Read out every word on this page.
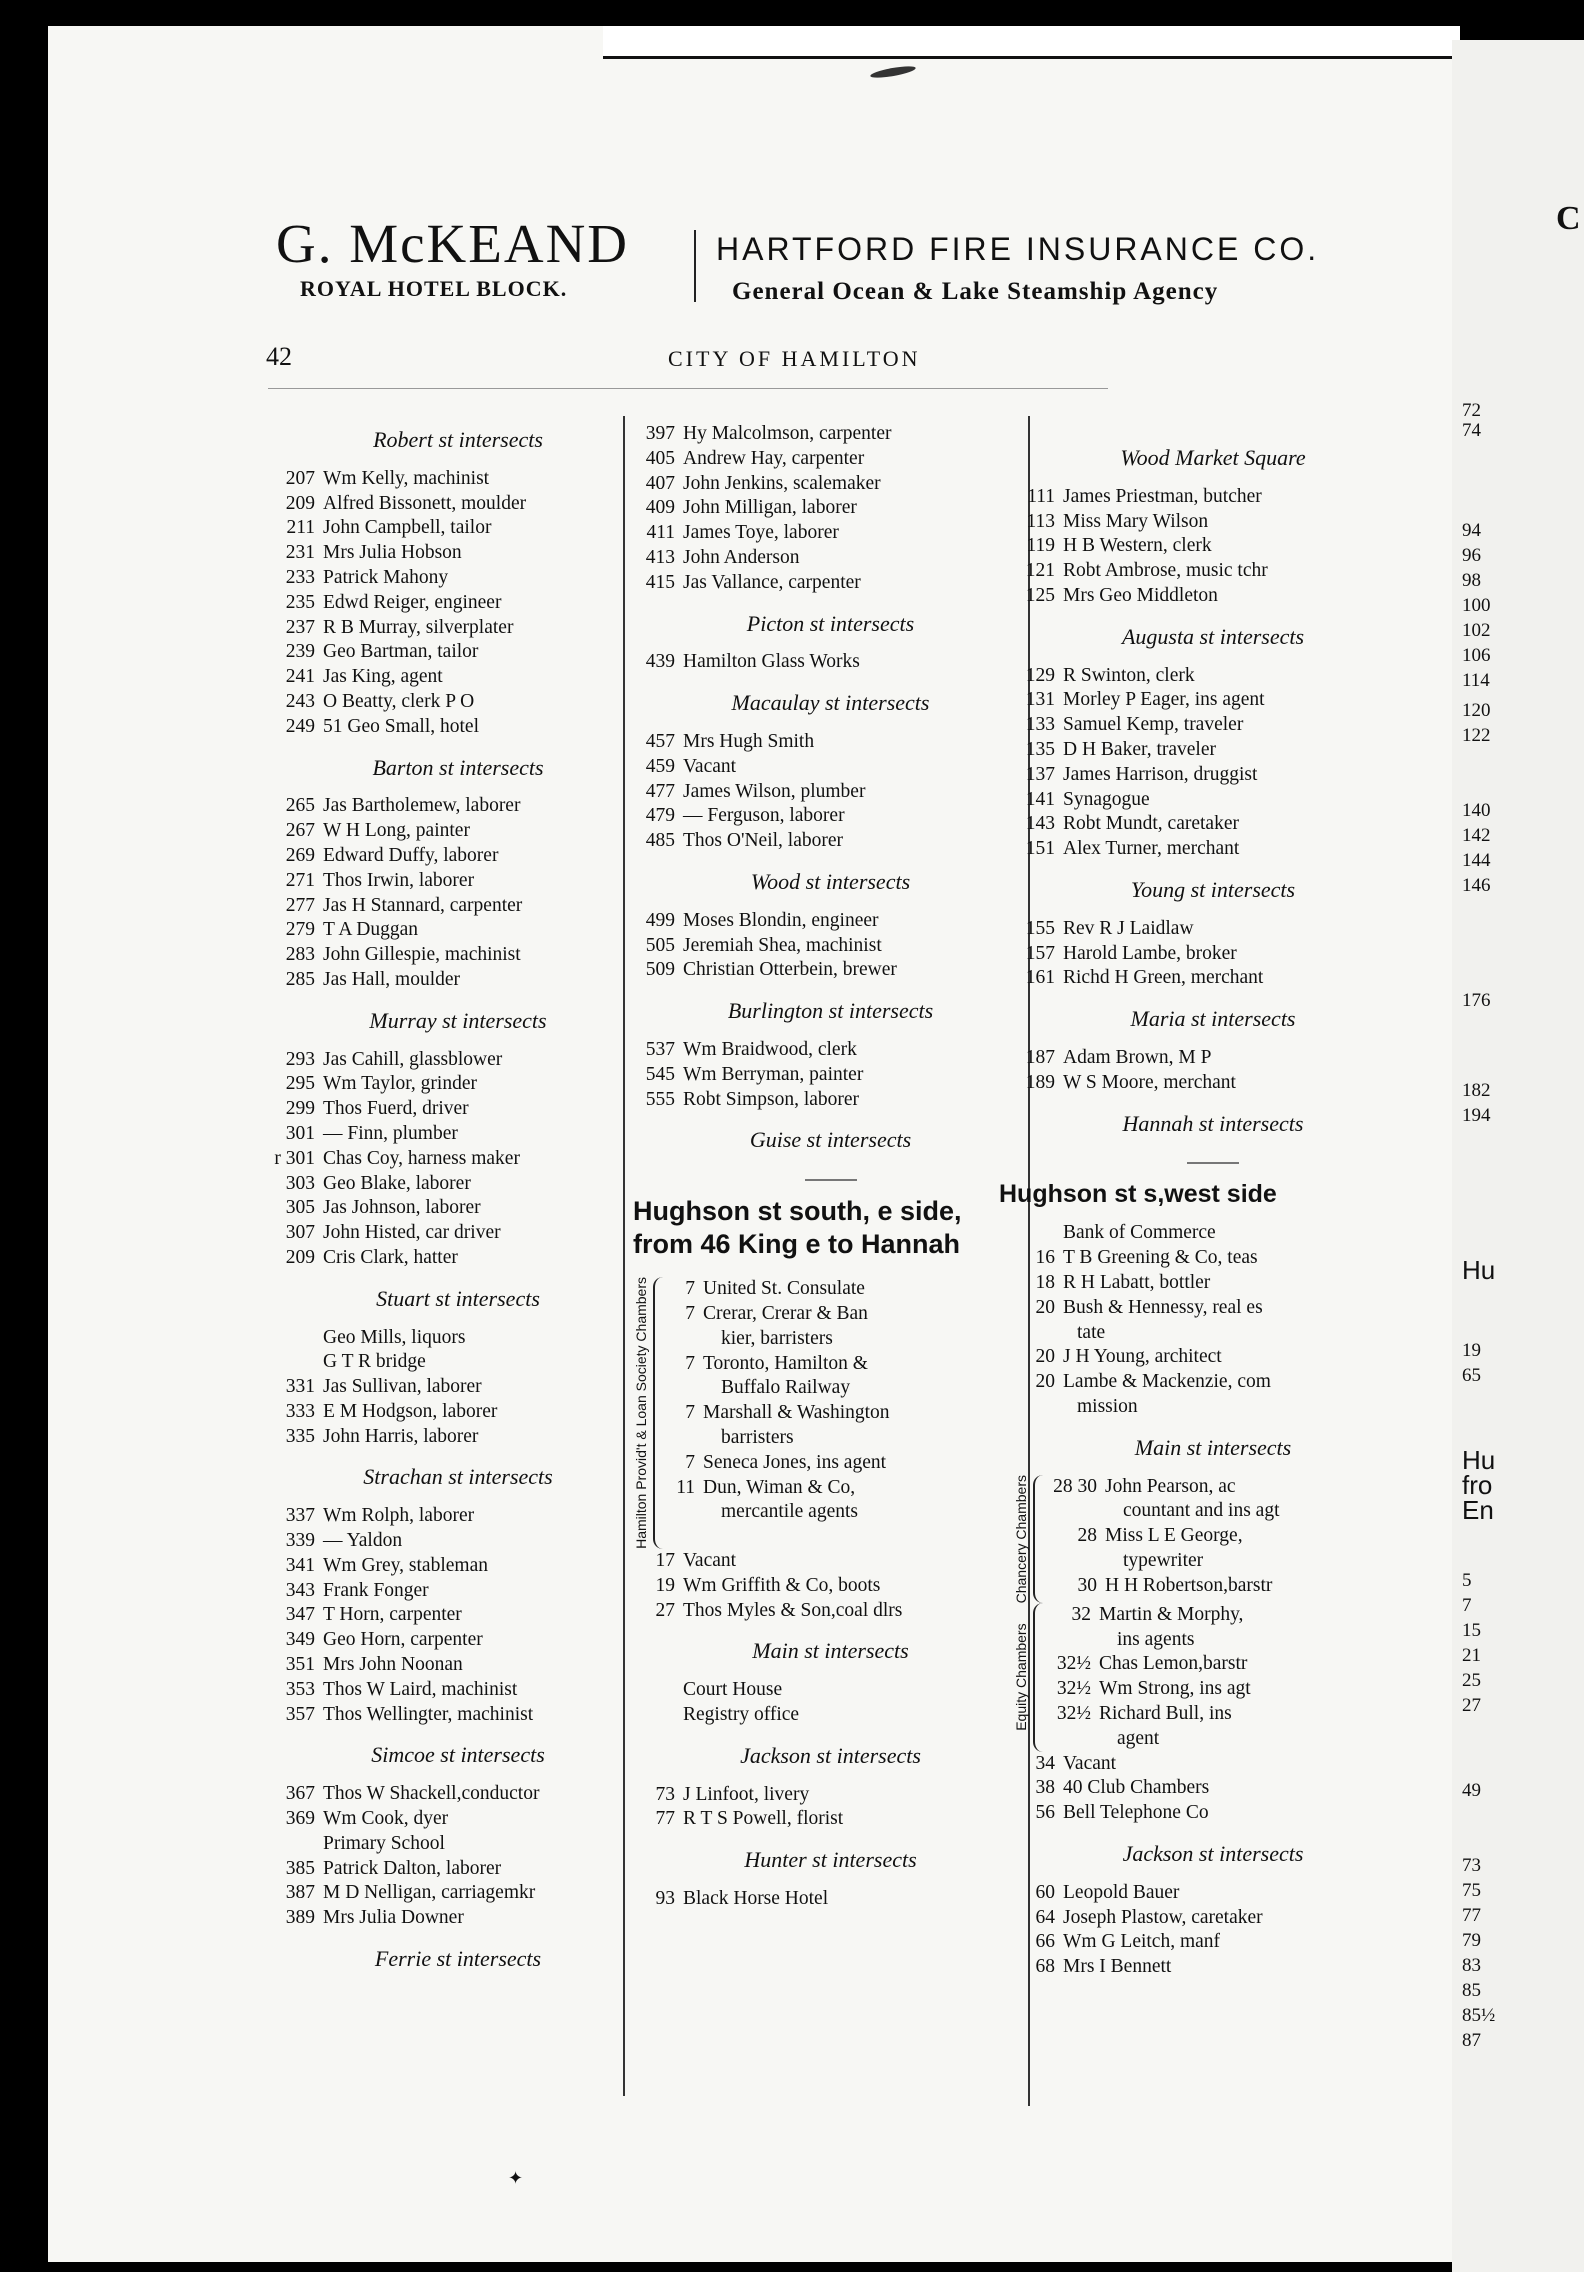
G. McKEAND
ROYAL HOTEL BLOCK.
HARTFORD FIRE INSURANCE CO.
General Ocean & Lake Steamship Agency
42	CITY OF HAMILTON
Robert st intersects
207 Wm Kelly, machinist
209 Alfred Bissonett, moulder
211 John Campbell, tailor
231 Mrs Julia Hobson
233 Patrick Mahony
235 Edwd Reiger, engineer
237 R B Murray, silverplater
239 Geo Bartman, tailor
241 Jas King, agent
243 O Beatty, clerk P O
249 51 Geo Small, hotel
Barton st intersects
265 Jas Bartholemew, laborer
267 W H Long, painter
269 Edward Duffy, laborer
271 Thos Irwin, laborer
277 Jas H Stannard, carpenter
279 T A Duggan
283 John Gillespie, machinist
285 Jas Hall, moulder
Murray st intersects
293 Jas Cahill, glassblower
295 Wm Taylor, grinder
299 Thos Fuerd, driver
301 — Finn, plumber
r 301 Chas Coy, harness maker
303 Geo Blake, laborer
305 Jas Johnson, laborer
307 John Histed, car driver
209 Cris Clark, hatter
Stuart st intersects
Geo Mills, liquors
G T R bridge
331 Jas Sullivan, laborer
333 E M Hodgson, laborer
335 John Harris, laborer
Strachan st intersects
337 Wm Rolph, laborer
339 — Yaldon
341 Wm Grey, stableman
343 Frank Fonger
347 T Horn, carpenter
349 Geo Horn, carpenter
351 Mrs John Noonan
353 Thos W Laird, machinist
357 Thos Wellingter, machinist
Simcoe st intersects
367 Thos W Shackell,conductor
369 Wm Cook, dyer
Primary School
385 Patrick Dalton, laborer
387 M D Nelligan, carriagemkr
389 Mrs Julia Downer
Ferrie st intersects
397 Hy Malcolmson, carpenter
405 Andrew Hay, carpenter
407 John Jenkins, scalemaker
409 John Milligan, laborer
411 James Toye, laborer
413 John Anderson
415 Jas Vallance, carpenter
Picton st intersects
439 Hamilton Glass Works
Macaulay st intersects
457 Mrs Hugh Smith
459 Vacant
477 James Wilson, plumber
479 — Ferguson, laborer
485 Thos O'Neil, laborer
Wood st intersects
499 Moses Blondin, engineer
505 Jeremiah Shea, machinist
509 Christian Otterbein, brewer
Burlington st intersects
537 Wm Braidwood, clerk
545 Wm Berryman, painter
555 Robt Simpson, laborer
Guise st intersects
Hughson st south, e side, from 46 King e to Hannah
Hamilton Provid't & Loan Society Chambers	7 United St. Consulate
7 Crerar, Crerar & Ban
kier, barristers
7 Toronto, Hamilton &
Buffalo Railway
7 Marshall & Washington
barristers
7 Seneca Jones, ins agent
11 Dun, Wiman & Co,
mercantile agents
17 Vacant
19 Wm Griffith & Co, boots
27 Thos Myles & Son,coal dlrs
Main st intersects
Court House
Registry office
Jackson st intersects
73 J Linfoot, livery
77 R T S Powell, florist
Hunter st intersects
93 Black Horse Hotel
Wood Market Square
111 James Priestman, butcher
113 Miss Mary Wilson
119 H B Western, clerk
121 Robt Ambrose, music tchr
125 Mrs Geo Middleton
Augusta st intersects
129 R Swinton, clerk
131 Morley P Eager, ins agent
133 Samuel Kemp, traveler
135 D H Baker, traveler
137 James Harrison, druggist
141 Synagogue
143 Robt Mundt, caretaker
151 Alex Turner, merchant
Young st intersects
155 Rev R J Laidlaw
157 Harold Lambe, broker
161 Richd H Green, merchant
Maria st intersects
187 Adam Brown, M P
189 W S Moore, merchant
Hannah st intersects
Hughson st s,west side
Bank of Commerce
16 T B Greening & Co, teas
18 R H Labatt, bottler
20 Bush & Hennessy, real es
tate
20 J H Young, architect
20 Lambe & Mackenzie, com
mission
Main st intersects
Chancery Chambers 28 30 John Pearson, ac
countant and ins agt
28 Miss L E George,
typewriter
30 H H Robertson,barstr
Equity Chambers
32 Martin & Morphy,
ins agents
32½ Chas Lemon,barstr
32½ Wm Strong, ins agt
32½ Richard Bull, ins
agent
34 Vacant
38 40 Club Chambers
56 Bell Telephone Co
Jackson st intersects
60 Leopold Bauer
64 Joseph Plastow, caretaker
66 Wm G Leitch, manf
68 Mrs I Bennett
✦
C
72
74
94
96
98
100
102
106
114
120
122
140
142
144
146
176
182
194
Hu
19
65
Hu
fro
En
5
7
15
21
25
27
49
73
75
77
79
83
85
85½
87
